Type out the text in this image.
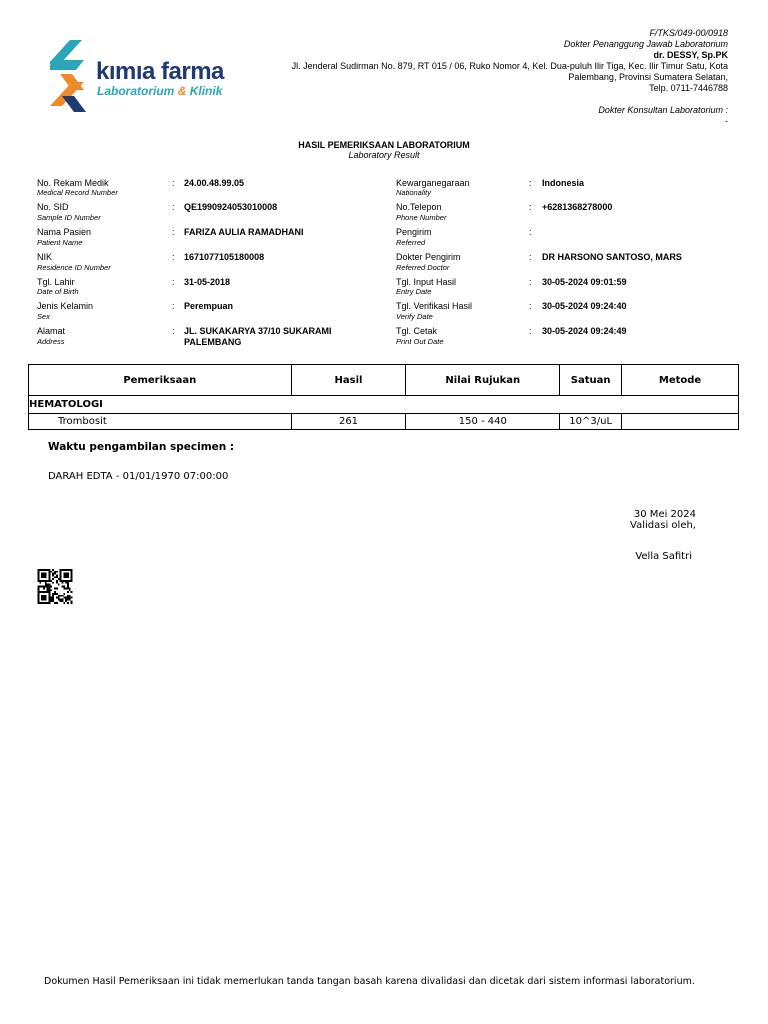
kımıa farma
Laboratorium & Klinik
F/TKS/049-00/0918
Dokter Penanggung Jawab Laboratorium
dr. DESSY, Sp.PK
Jl. Jenderal Sudirman No. 879, RT 015 / 06, Ruko Nomor 4, Kel. Dua-puluh Ilir Tiga, Kec. Ilir Timur Satu, Kota
Palembang, Provinsi Sumatera Selatan,
Telp. 0711-7446788
Dokter Konsultan Laboratorium :
-
HASIL PEMERIKSAAN LABORATORIUM
Laboratory Result
No. Rekam Medik
Medical Record Number
: 24.00.48.99.05
No. SID
Sample ID Number
: QE1990924053010008
Nama Pasien
Patient Name
: FARIZA AULIA RAMADHANI
NIK
Residence ID Number
: 1671077105180008
Tgl. Lahir
Date of Birth
: 31-05-2018
Jenis Kelamin
Sex
: Perempuan
Alamat
Address
: JL. SUKAKARYA 37/10 SUKARAMI
PALEMBANG
Kewarganegaraan
Nationality
: Indonesia
No.Telepon
Phone Number
: +6281368278000
Pengirim
Referred
:
Dokter Pengirim
Referred Doctor
: DR HARSONO SANTOSO, MARS
Tgl. Input Hasil
Entry Date
: 30-05-2024 09:01:59
Tgl. Verifikasi Hasil
Verify Date
: 30-05-2024 09:24:40
Tgl. Cetak
Print Out Date
: 30-05-2024 09:24:49
Pemeriksaan	Hasil	Nilai Rujukan	Satuan	Metode
HEMATOLOGI				
Trombosit	261	150 - 440	10^3/uL	
Waktu pengambilan specimen :
DARAH EDTA - 01/01/1970 07:00:00
30 Mei 2024
Validasi oleh,
Vella Safitri
Dokumen Hasil Pemeriksaan ini tidak memerlukan tanda tangan basah karena divalidasi dan dicetak dari sistem informasi laboratorium.
